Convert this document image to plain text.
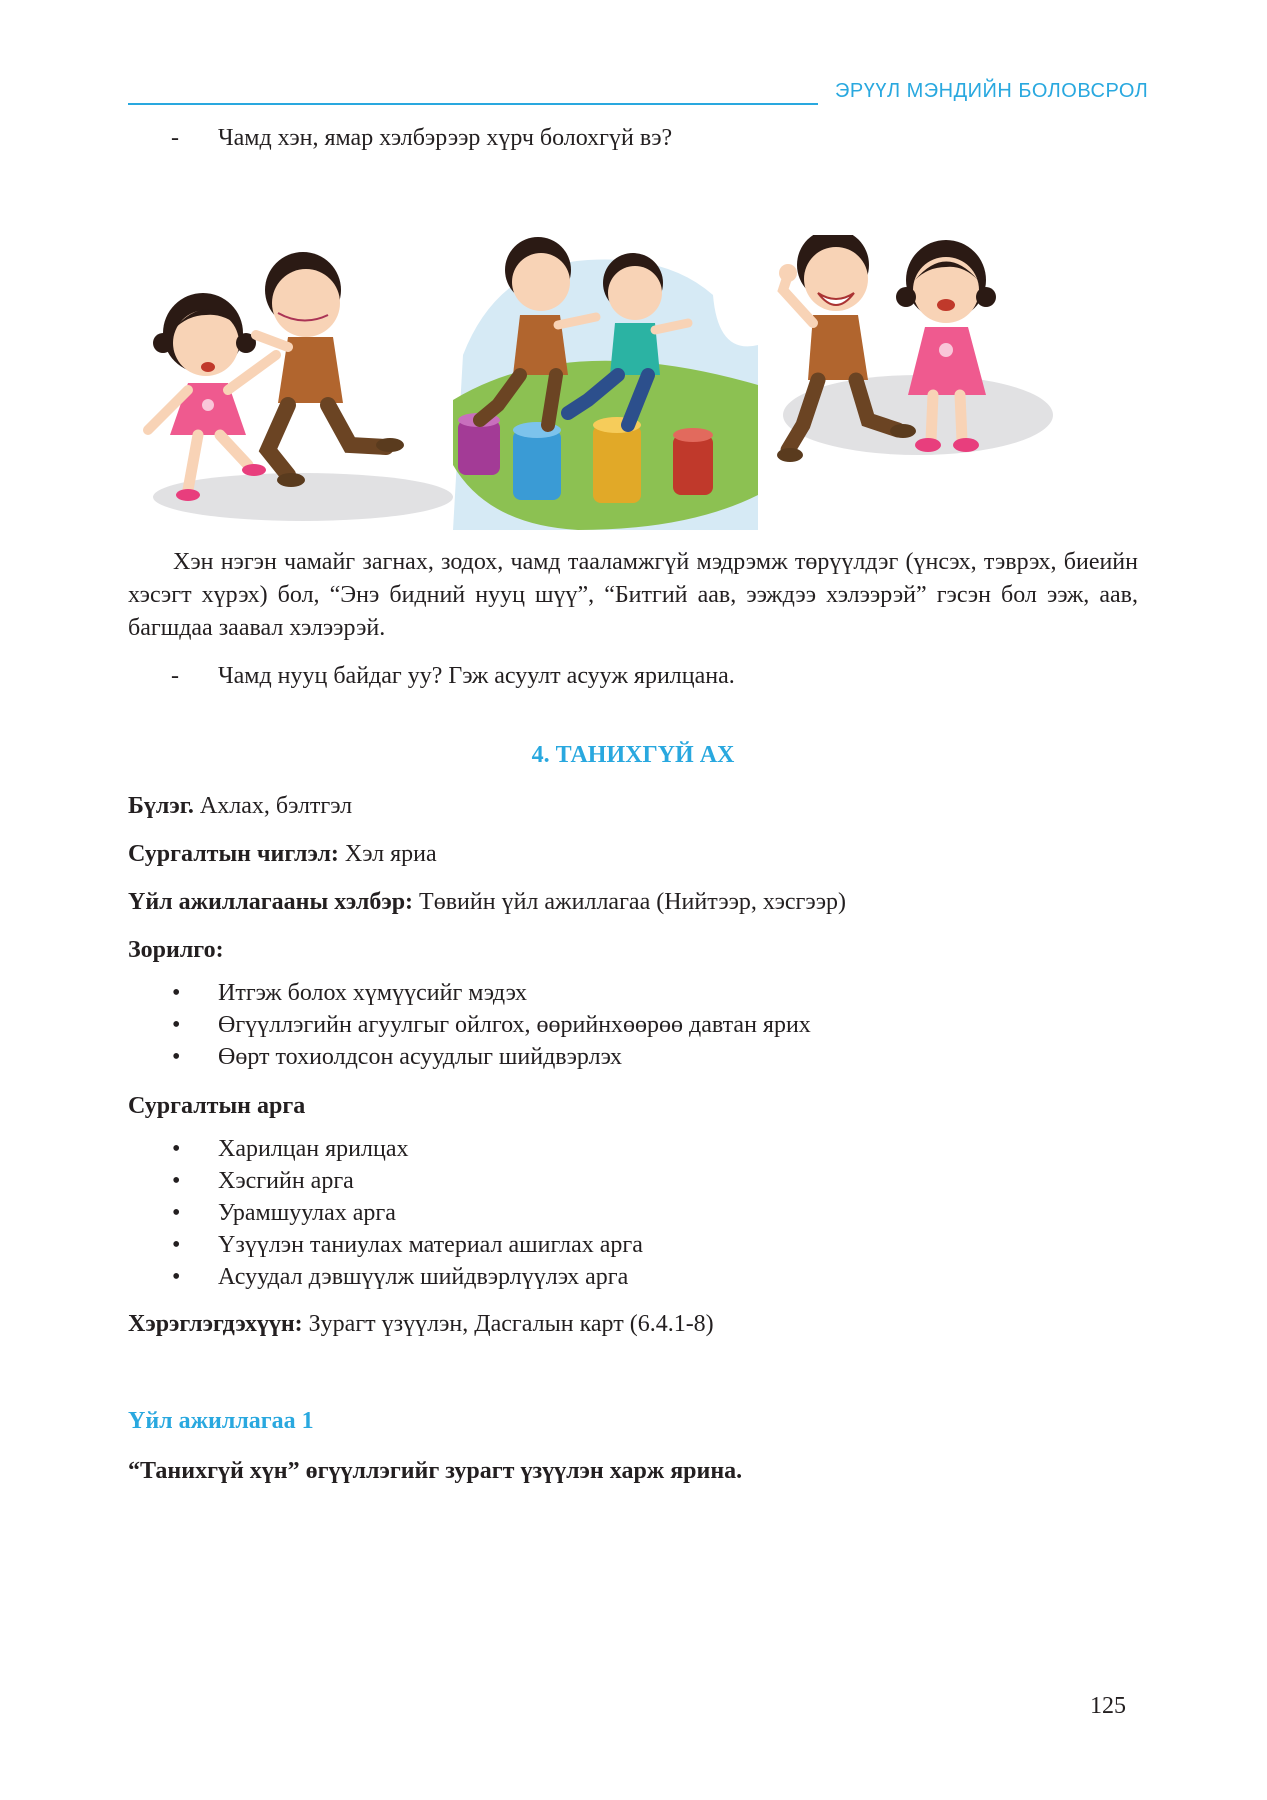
ЭРҮҮЛ МЭНДИЙН БОЛОВСРОЛ
- Чамд хэн, ямар хэлбэрээр хүрч болохгүй вэ?

Хэн нэгэн чамайг загнах, зодох, чамд тааламжгүй мэдрэмж төрүүлдэг (үнсэх, тэврэх, биеийн хэсэгт хүрэх) бол, “Энэ бидний нууц шүү”, “Битгий аав, ээждээ хэлээрэй” гэсэн бол ээж, аав, багшдаа заавал хэлээрэй.

- Чамд нууц байдаг уу? Гэж асуулт асууж ярилцана.
4. ТАНИХГҮЙ АХ
Бүлэг. Ахлах, бэлтгэл
Сургалтын чиглэл: Хэл яриа
Үйл ажиллагааны хэлбэр: Төвийн үйл ажиллагаа (Нийтээр, хэсгээр)
Зорилго:
• Итгэж болох хүмүүсийг мэдэх
• Өгүүллэгийн агуулгыг ойлгох, өөрийнхөөрөө давтан ярих
• Өөрт тохиолдсон асуудлыг шийдвэрлэх
Сургалтын арга
• Харилцан ярилцах
• Хэсгийн арга
• Урамшуулах арга
• Үзүүлэн таниулах материал ашиглах арга
• Асуудал дэвшүүлж шийдвэрлүүлэх арга
Хэрэглэгдэхүүн: Зурагт үзүүлэн, Дасгалын карт (6.4.1-8)
Үйл ажиллагаа 1
“Танихгүй хүн” өгүүллэгийг зурагт үзүүлэн харж ярина.
125
